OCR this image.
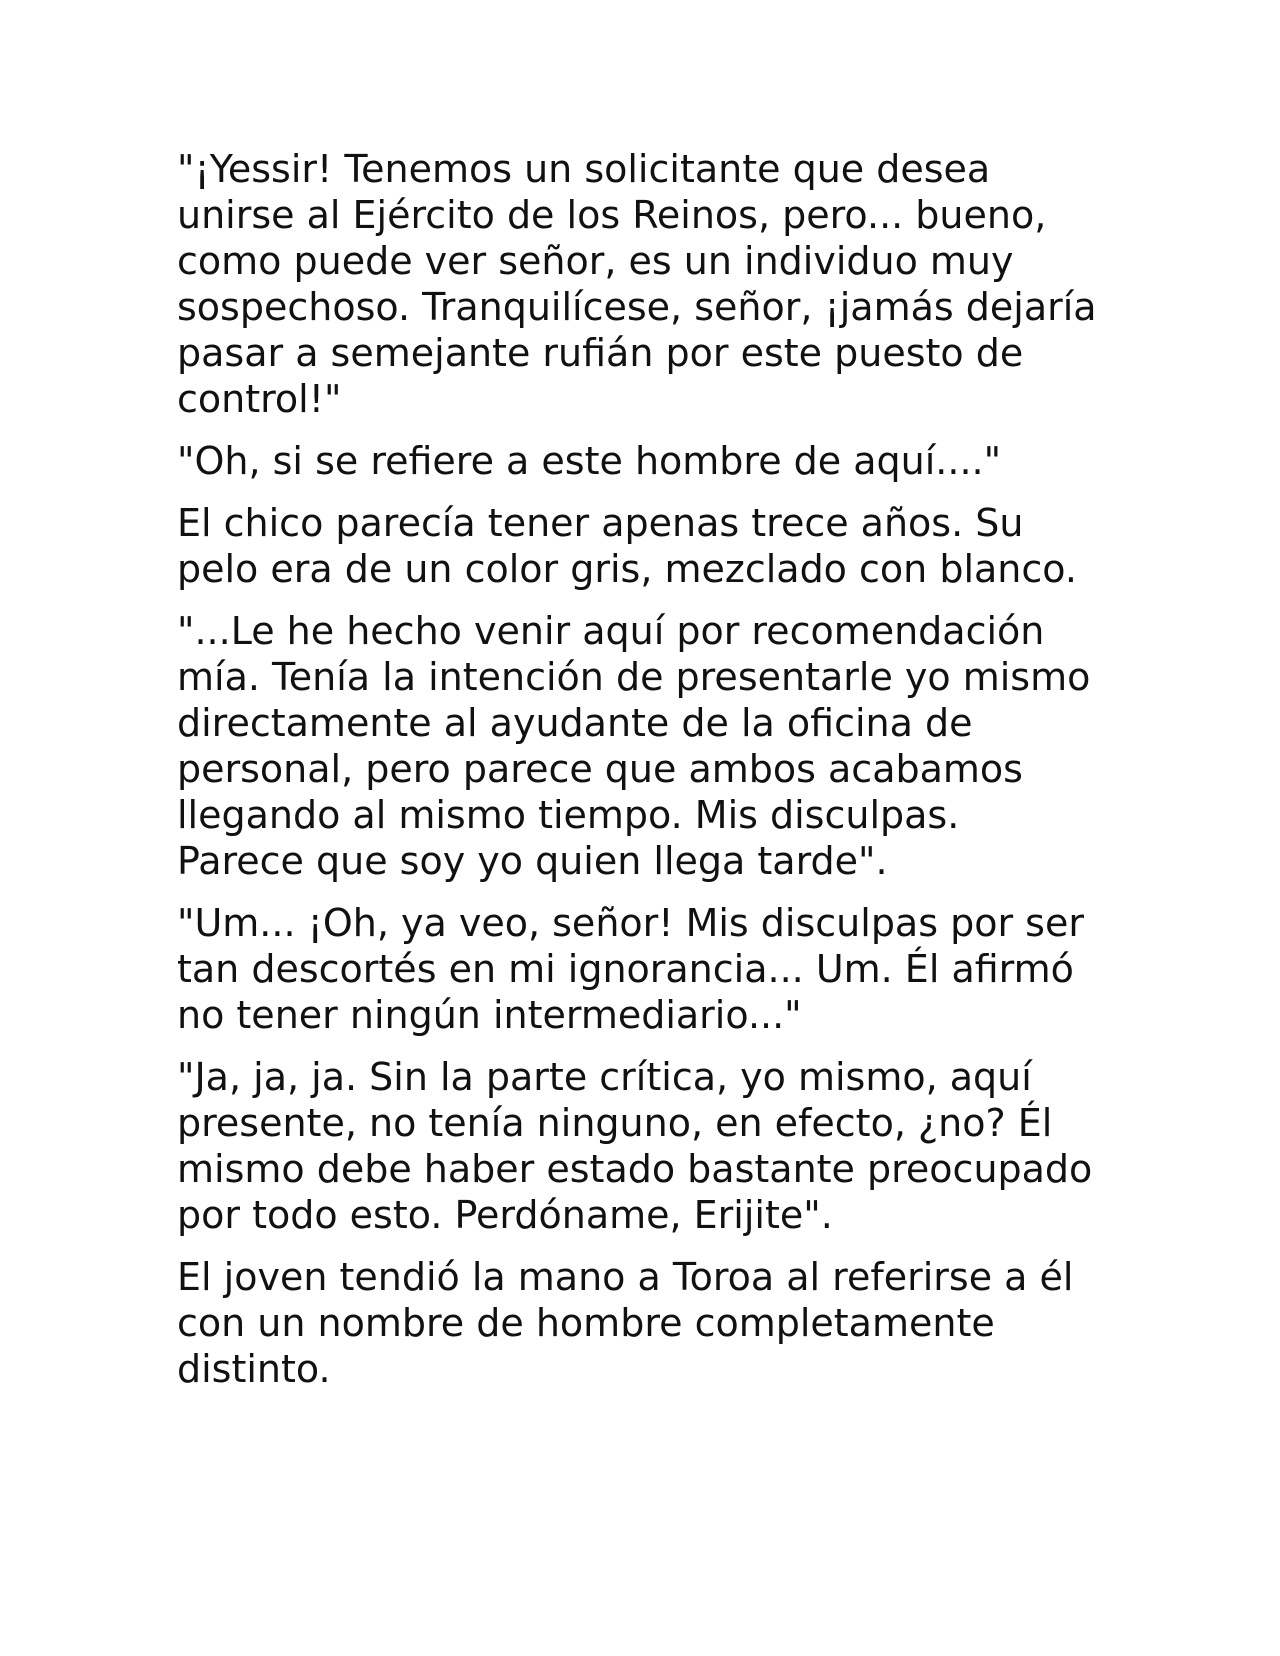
"¡Yessir! Tenemos un solicitante que desea unirse al Ejército de los Reinos, pero... bueno, como puede ver señor, es un individuo muy sospechoso. Tranquilícese, señor, ¡jamás dejaría pasar a semejante rufián por este puesto de control!"

"Oh, si se refiere a este hombre de aquí...."

El chico parecía tener apenas trece años. Su pelo era de un color gris, mezclado con blanco.

"...Le he hecho venir aquí por recomendación mía. Tenía la intención de presentarle yo mismo directamente al ayudante de la oficina de personal, pero parece que ambos acabamos llegando al mismo tiempo. Mis disculpas. Parece que soy yo quien llega tarde".

"Um... ¡Oh, ya veo, señor! Mis disculpas por ser tan descortés en mi ignorancia... Um. Él afirmó no tener ningún intermediario..."

"Ja, ja, ja. Sin la parte crítica, yo mismo, aquí presente, no tenía ninguno, en efecto, ¿no? Él mismo debe haber estado bastante preocupado por todo esto. Perdóname, Erijite".

El joven tendió la mano a Toroa al referirse a él con un nombre de hombre completamente distinto.
